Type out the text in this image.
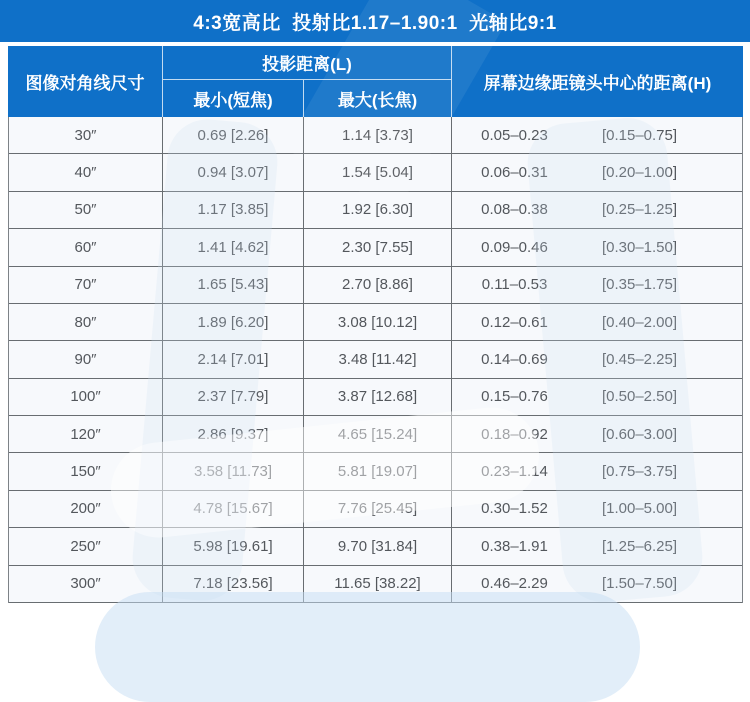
4:3宽高比  投射比1.17–1.90:1  光轴比9:1
图像对角线尺寸
投影距离(L)
最小(短焦)	最大(长焦)
屏幕边缘距镜头中心的距离(H)
30″	0.69 [2.26]	1.14 [3.73]	0.05–0.23	[0.15–0.75]
40″	0.94 [3.07]	1.54 [5.04]	0.06–0.31	[0.20–1.00]
50″	1.17 [3.85]	1.92 [6.30]	0.08–0.38	[0.25–1.25]
60″	1.41 [4.62]	2.30 [7.55]	0.09–0.46	[0.30–1.50]
70″	1.65 [5.43]	2.70 [8.86]	0.11–0.53	[0.35–1.75]
80″	1.89 [6.20]	3.08 [10.12]	0.12–0.61	[0.40–2.00]
90″	2.14 [7.01]	3.48 [11.42]	0.14–0.69	[0.45–2.25]
100″	2.37 [7.79]	3.87 [12.68]	0.15–0.76	[0.50–2.50]
120″	2.86 [9.37]	4.65 [15.24]	0.18–0.92	[0.60–3.00]
150″	3.58 [11.73]	5.81 [19.07]	0.23–1.14	[0.75–3.75]
200″	4.78 [15.67]	7.76 [25.45]	0.30–1.52	[1.00–5.00]
250″	5.98 [19.61]	9.70 [31.84]	0.38–1.91	[1.25–6.25]
300″	7.18 [23.56]	11.65 [38.22]	0.46–2.29	[1.50–7.50]
